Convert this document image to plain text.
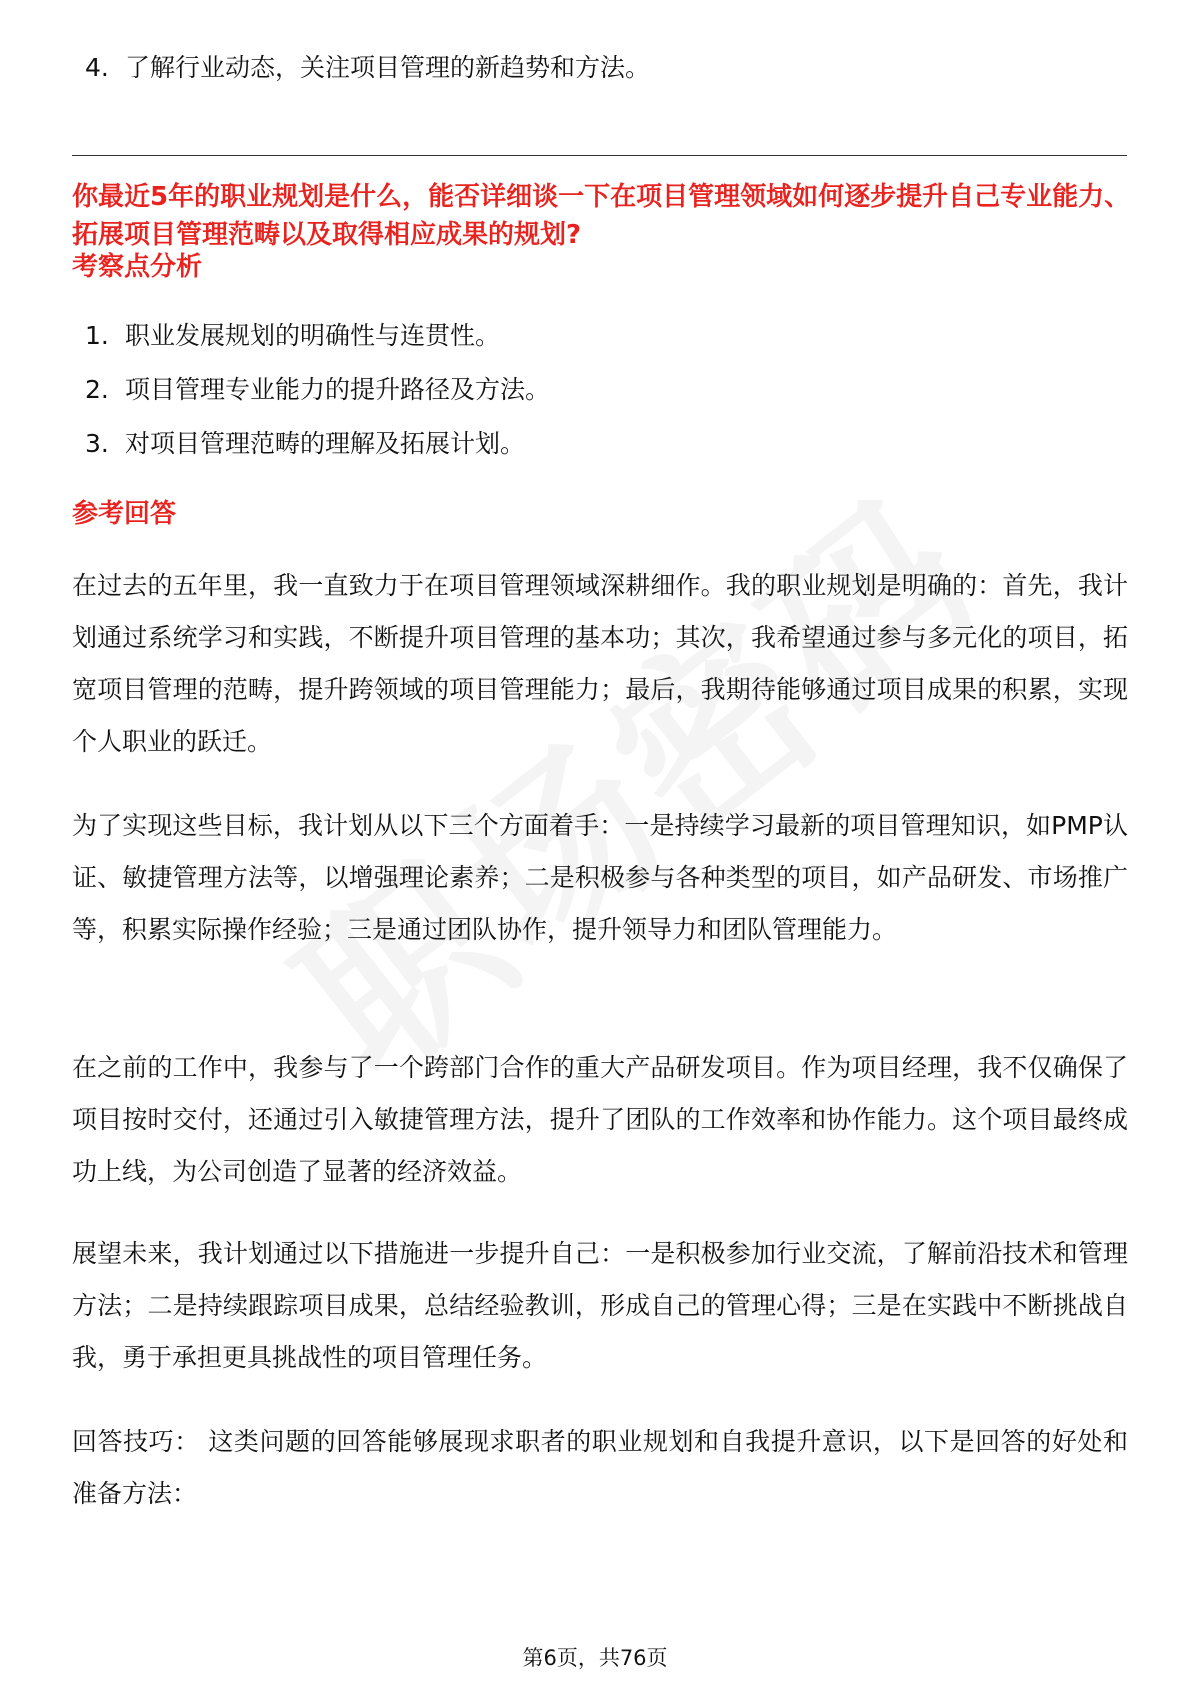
4. 了解行业动态，关注项目管理的新趋势和方法。
你最近5年的职业规划是什么，能否详细谈一下在项目管理领域如何逐步提升自己专业能力、拓展项目管理范畴以及取得相应成果的规划?
考察点分析
1. 职业发展规划的明确性与连贯性。
2. 项目管理专业能力的提升路径及方法。
3. 对项目管理范畴的理解及拓展计划。
参考回答

在过去的五年里，我一直致力于在项目管理领域深耕细作。我的职业规划是明确的：首先，我计划通过系统学习和实践，不断提升项目管理的基本功；其次，我希望通过参与多元化的项目，拓宽项目管理的范畴，提升跨领域的项目管理能力；最后，我期待能够通过项目成果的积累，实现个人职业的跃迁。

为了实现这些目标，我计划从以下三个方面着手：一是持续学习最新的项目管理知识，如PMP认证、敏捷管理方法等，以增强理论素养；二是积极参与各种类型的项目，如产品研发、市场推广等，积累实际操作经验；三是通过团队协作，提升领导力和团队管理能力。

在之前的工作中，我参与了一个跨部门合作的重大产品研发项目。作为项目经理，我不仅确保了项目按时交付，还通过引入敏捷管理方法，提升了团队的工作效率和协作能力。这个项目最终成功上线，为公司创造了显著的经济效益。

展望未来，我计划通过以下措施进一步提升自己：一是积极参加行业交流，了解前沿技术和管理方法；二是持续跟踪项目成果，总结经验教训，形成自己的管理心得；三是在实践中不断挑战自我，勇于承担更具挑战性的项目管理任务。

回答技巧： 这类问题的回答能够展现求职者的职业规划和自我提升意识，以下是回答的好处和准备方法：

第6页，共76页
